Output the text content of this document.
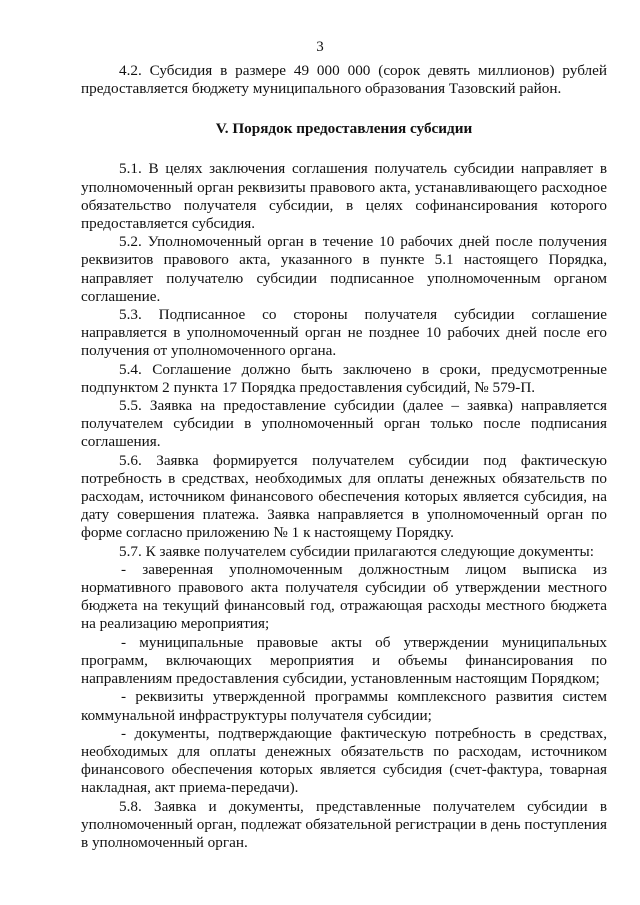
3

4.2. Субсидия в размере 49 000 000 (сорок девять миллионов) рублей предоставляется бюджету муниципального образования Тазовский район.

V. Порядок предоставления субсидии

5.1. В целях заключения соглашения получатель субсидии направляет в уполномоченный орган реквизиты правового акта, устанавливающего расходное обязательство получателя субсидии, в целях софинансирования которого предоставляется субсидия.

5.2. Уполномоченный орган в течение 10 рабочих дней после получения реквизитов правового акта, указанного в пункте 5.1 настоящего Порядка, направляет получателю субсидии подписанное уполномоченным органом соглашение.

5.3. Подписанное со стороны получателя субсидии соглашение направляется в уполномоченный орган не позднее 10 рабочих дней после его получения от уполномоченного органа.

5.4. Соглашение должно быть заключено в сроки, предусмотренные подпунктом 2 пункта 17 Порядка предоставления субсидий, № 579-П.

5.5. Заявка на предоставление субсидии (далее – заявка) направляется получателем субсидии в уполномоченный орган только после подписания соглашения.

5.6. Заявка формируется получателем субсидии под фактическую потребность в средствах, необходимых для оплаты денежных обязательств по расходам, источником финансового обеспечения которых является субсидия, на дату совершения платежа. Заявка направляется в уполномоченный орган по форме согласно приложению № 1 к настоящему Порядку.

5.7. К заявке получателем субсидии прилагаются следующие документы:

- заверенная уполномоченным должностным лицом выписка из нормативного правового акта получателя субсидии об утверждении местного бюджета на текущий финансовый год, отражающая расходы местного бюджета на реализацию мероприятия;

- муниципальные правовые акты об утверждении муниципальных программ, включающих мероприятия и объемы финансирования по направлениям предоставления субсидии, установленным настоящим Порядком;

- реквизиты утвержденной программы комплексного развития систем коммунальной инфраструктуры получателя субсидии;

- документы, подтверждающие фактическую потребность в средствах, необходимых для оплаты денежных обязательств по расходам, источником финансового обеспечения которых является субсидия (счет-фактура, товарная накладная, акт приема-передачи).

5.8. Заявка и документы, представленные получателем субсидии в уполномоченный орган, подлежат обязательной регистрации в день поступления в уполномоченный орган.
